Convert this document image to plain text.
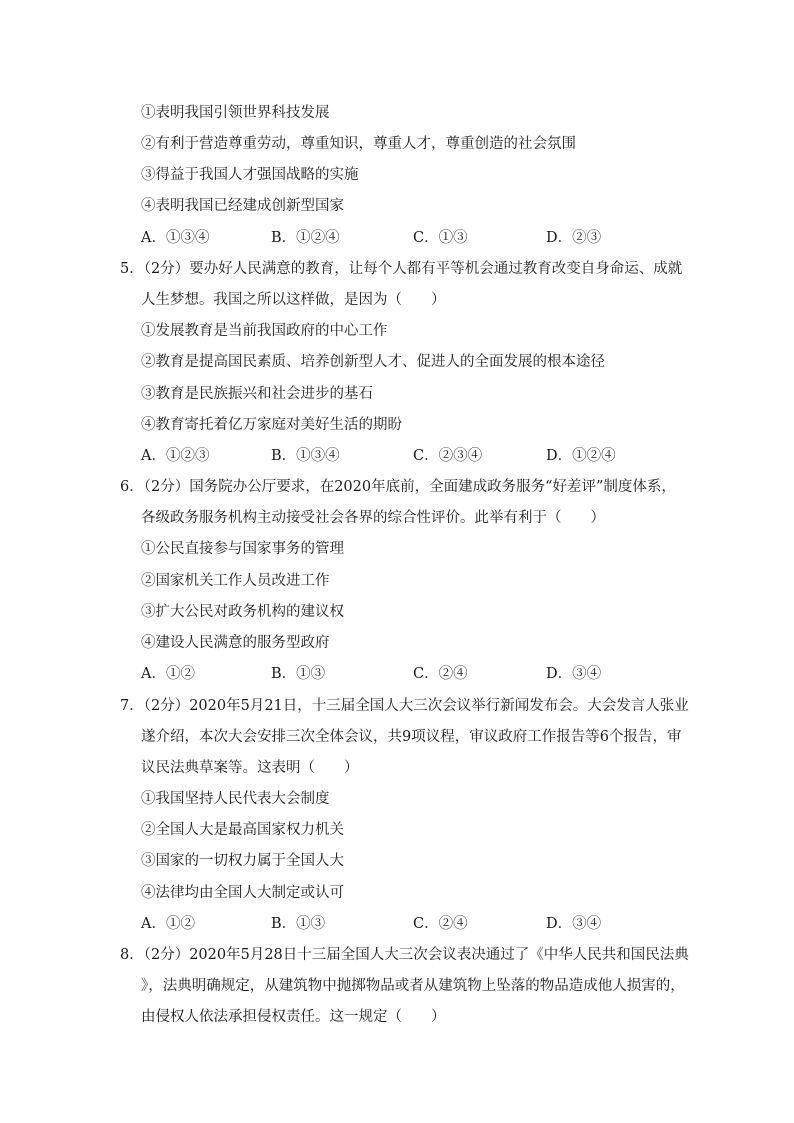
①表明我国引领世界科技发展
②有利于营造尊重劳动，尊重知识，尊重人才，尊重创造的社会氛围
③得益于我国人才强国战略的实施
④表明我国已经建成创新型国家
A．①③④	B．①②④	C．①③	D．②③
5．（2分）要办好人民满意的教育，让每个人都有平等机会通过教育改变自身命运、成就
人生梦想。我国之所以这样做，是因为（　　）
①发展教育是当前我国政府的中心工作
②教育是提高国民素质、培养创新型人才、促进人的全面发展的根本途径
③教育是民族振兴和社会进步的基石
④教育寄托着亿万家庭对美好生活的期盼
A．①②③	B．①③④	C．②③④	D．①②④
6．（2分）国务院办公厅要求，在2020年底前，全面建成政务服务“好差评”制度体系，
各级政务服务机构主动接受社会各界的综合性评价。此举有利于（　　）
①公民直接参与国家事务的管理
②国家机关工作人员改进工作
③扩大公民对政务机构的建议权
④建设人民满意的服务型政府
A．①②	B．①③	C．②④	D．③④
7．（2分）2020年5月21日，十三届全国人大三次会议举行新闻发布会。大会发言人张业
遂介绍，本次大会安排三次全体会议，共9项议程，审议政府工作报告等6个报告，审
议民法典草案等。这表明（　　）
①我国坚持人民代表大会制度
②全国人大是最高国家权力机关
③国家的一切权力属于全国人大
④法律均由全国人大制定或认可
A．①②	B．①③	C．②④	D．③④
8．（2分）2020年5月28日十三届全国人大三次会议表决通过了《中华人民共和国民法典
》，法典明确规定，从建筑物中抛掷物品或者从建筑物上坠落的物品造成他人损害的，
由侵权人依法承担侵权责任。这一规定（　　）
